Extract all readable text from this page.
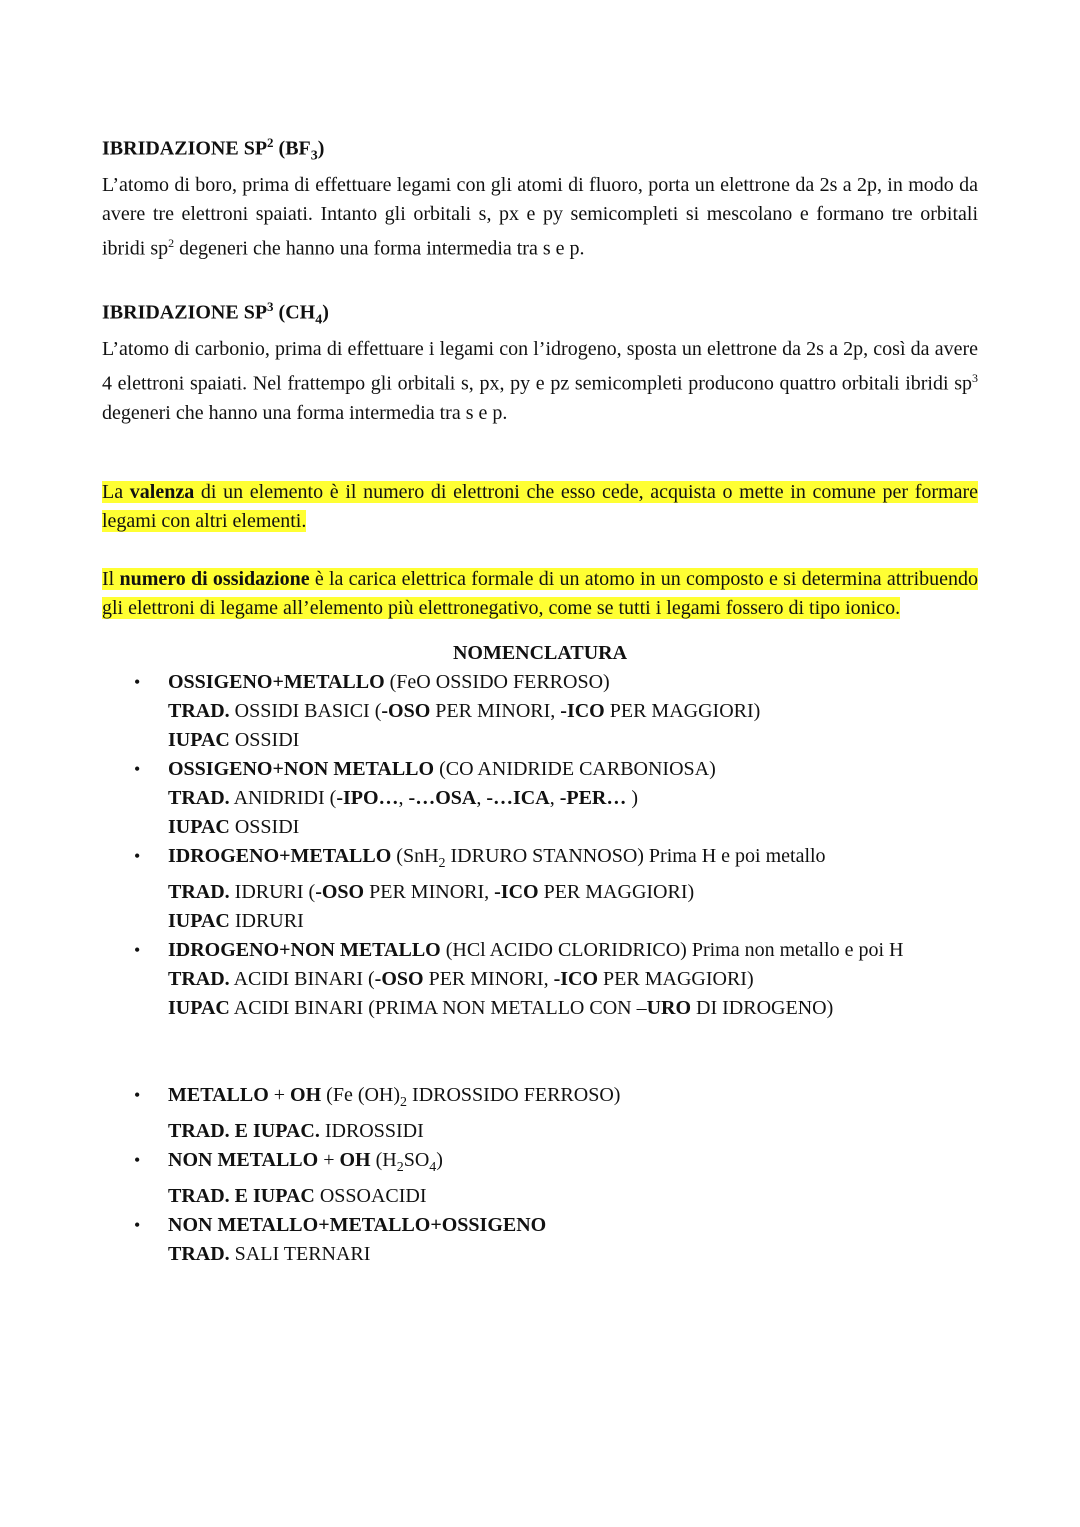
IBRIDAZIONE $SP^2$ $(BF_3)$

L’atomo di boro, prima di effettuare legami con gli atomi di fluoro, porta un elettrone da 2s a 2p, in modo da avere tre elettroni spaiati. Intanto gli orbitali s, px e py semicompleti si mescolano e formano tre orbitali ibridi $sp^2$ degeneri che hanno una forma intermedia tra s e p.

IBRIDAZIONE $SP^3$ $(CH_4)$

L’atomo di carbonio, prima di effettuare i legami con l’idrogeno, sposta un elettrone da 2s a 2p, così da avere 4 elettroni spaiati. Nel frattempo gli orbitali s, px, py e pz semicompleti producono quattro orbitali ibridi $sp^3$ degeneri che hanno una forma intermedia tra s e p.

La valenza di un elemento è il numero di elettroni che esso cede, acquista o mette in comune per formare legami con altri elementi.

Il numero di ossidazione è la carica elettrica formale di un atomo in un composto e si determina attribuendo gli elettroni di legame all’elemento più elettronegativo, come se tutti i legami fossero di tipo ionico.

NOMENCLATURA

• OSSIGENO+METALLO (FeO OSSIDO FERROSO)
TRAD. OSSIDI BASICI (-OSO PER MINORI, -ICO PER MAGGIORI)
IUPAC OSSIDI
• OSSIGENO+NON METALLO (CO ANIDRIDE CARBONIOSA)
TRAD. ANIDRIDI (-IPO…, -…OSA, -…ICA, -PER… )
IUPAC OSSIDI
• IDROGENO+METALLO (SnH$_2$ IDRURO STANNOSO) Prima H e poi metallo
TRAD. IDRURI (-OSO PER MINORI, -ICO PER MAGGIORI)
IUPAC IDRURI
• IDROGENO+NON METALLO (HCl ACIDO CLORIDRICO) Prima non metallo e poi H
TRAD. ACIDI BINARI (-OSO PER MINORI, -ICO PER MAGGIORI)
IUPAC ACIDI BINARI (PRIMA NON METALLO CON –URO DI IDROGENO)
• METALLO + OH (Fe $(OH)_2$ IDROSSIDO FERROSO)
TRAD. E IUPAC. IDROSSIDI
• NON METALLO + OH $(H_2SO_4)$
TRAD. E IUPAC OSSOACIDI
• NON METALLO+METALLO+OSSIGENO
TRAD. SALI TERNARI
